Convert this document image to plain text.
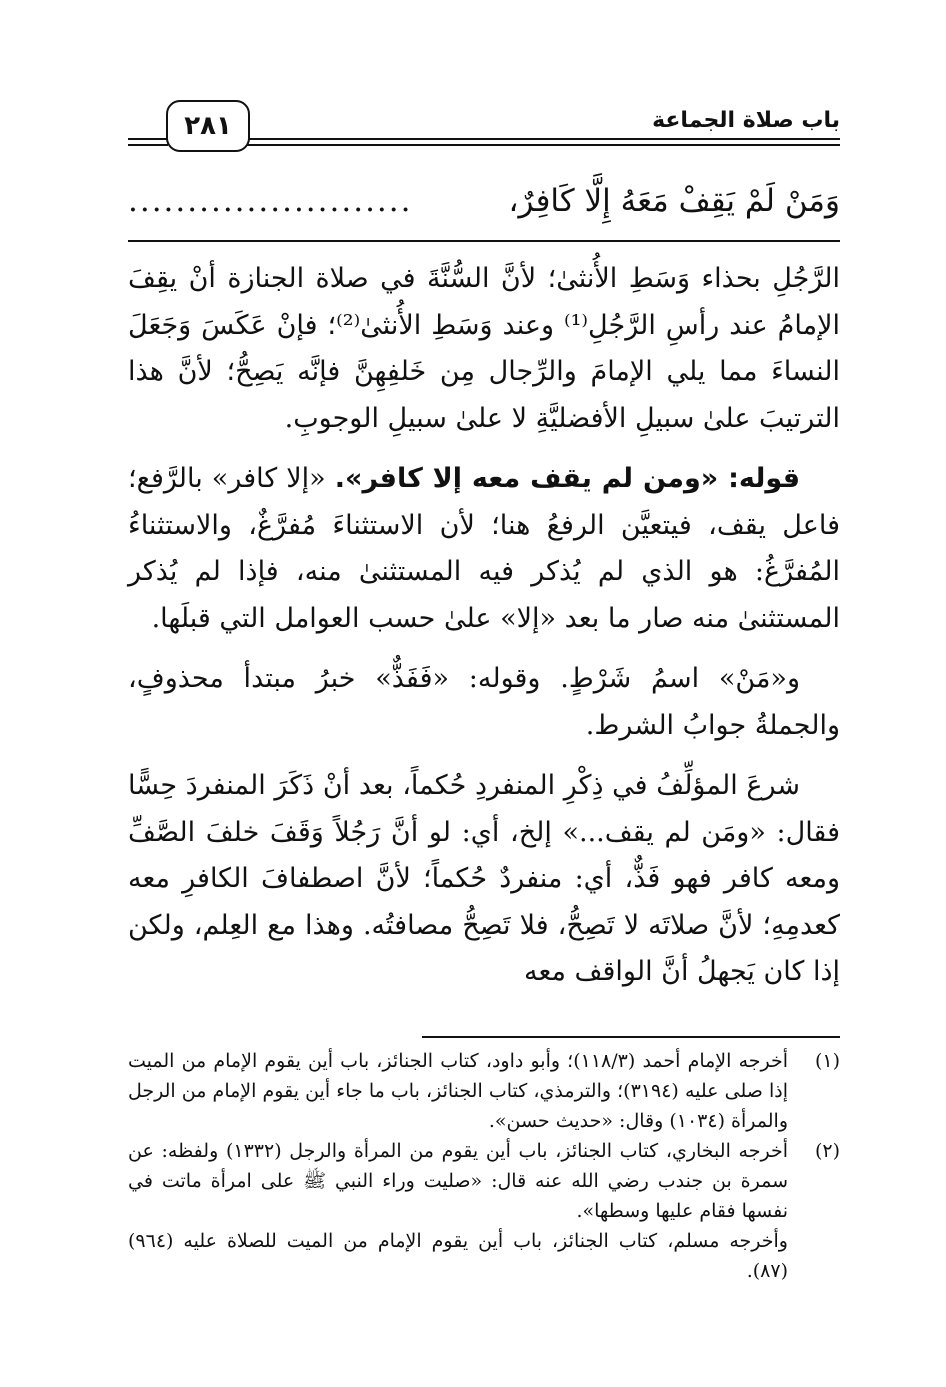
باب صلاة الجماعة
٢٨١
وَمَنْ لَمْ يَقِفْ مَعَهُ إِلَّا كَافِرٌ،
........................

الرَّجُلِ بحذاء وَسَطِ الأُنثىٰ؛ لأنَّ السُّنَّةَ في صلاة الجنازة أنْ يقِفَ الإمامُ عند رأسِ الرَّجُلِ⁽¹⁾ وعند وَسَطِ الأُنثىٰ⁽²⁾؛ فإنْ عَكَسَ وَجَعَلَ النساءَ مما يلي الإمامَ والرِّجال مِن خَلفِهِنَّ فإنَّه يَصِحُّ؛ لأنَّ هذا الترتيبَ علىٰ سبيلِ الأفضليَّةِ لا علىٰ سبيلِ الوجوبِ.

قوله: «ومن لم يقف معه إلا كافر». «إلا كافر» بالرَّفع؛ فاعل يقف، فيتعيَّن الرفعُ هنا؛ لأن الاستثناءَ مُفرَّغٌ، والاستثناءُ المُفرَّغُ: هو الذي لم يُذكر فيه المستثنىٰ منه، فإذا لم يُذكر المستثنىٰ منه صار ما بعد «إلا» علىٰ حسب العوامل التي قبلَها.

و«مَنْ» اسمُ شَرْطٍ. وقوله: «فَفَذٌّ» خبرُ مبتدأ محذوفٍ، والجملةُ جوابُ الشرط.

شرعَ المؤلِّفُ في ذِكْرِ المنفردِ حُكماً، بعد أنْ ذَكَرَ المنفردَ حِسًّا فقال: «ومَن لم يقف...» إلخ، أي: لو أنَّ رَجُلاً وَقَفَ خلفَ الصَّفِّ ومعه كافر فهو فَذٌّ، أي: منفردٌ حُكماً؛ لأنَّ اصطفافَ الكافرِ معه كعدمِهِ؛ لأنَّ صلاتَه لا تَصِحُّ، فلا تَصِحُّ مصافتُه. وهذا مع العِلم، ولكن إذا كان يَجهلُ أنَّ الواقف معه

(١)
أخرجه الإمام أحمد (١١٨/٣)؛ وأبو داود، كتاب الجنائز، باب أين يقوم الإمام من الميت إذا صلى عليه (٣١٩٤)؛ والترمذي، كتاب الجنائز، باب ما جاء أين يقوم الإمام من الرجل والمرأة (١٠٣٤) وقال: «حديث حسن».
(٢)
أخرجه البخاري، كتاب الجنائز، باب أين يقوم من المرأة والرجل (١٣٣٢) ولفظه: عن سمرة بن جندب رضي الله عنه قال: «صليت وراء النبي ﷺ على امرأة ماتت في نفسها فقام عليها وسطها».
وأخرجه مسلم، كتاب الجنائز، باب أين يقوم الإمام من الميت للصلاة عليه (٩٦٤) (٨٧).
